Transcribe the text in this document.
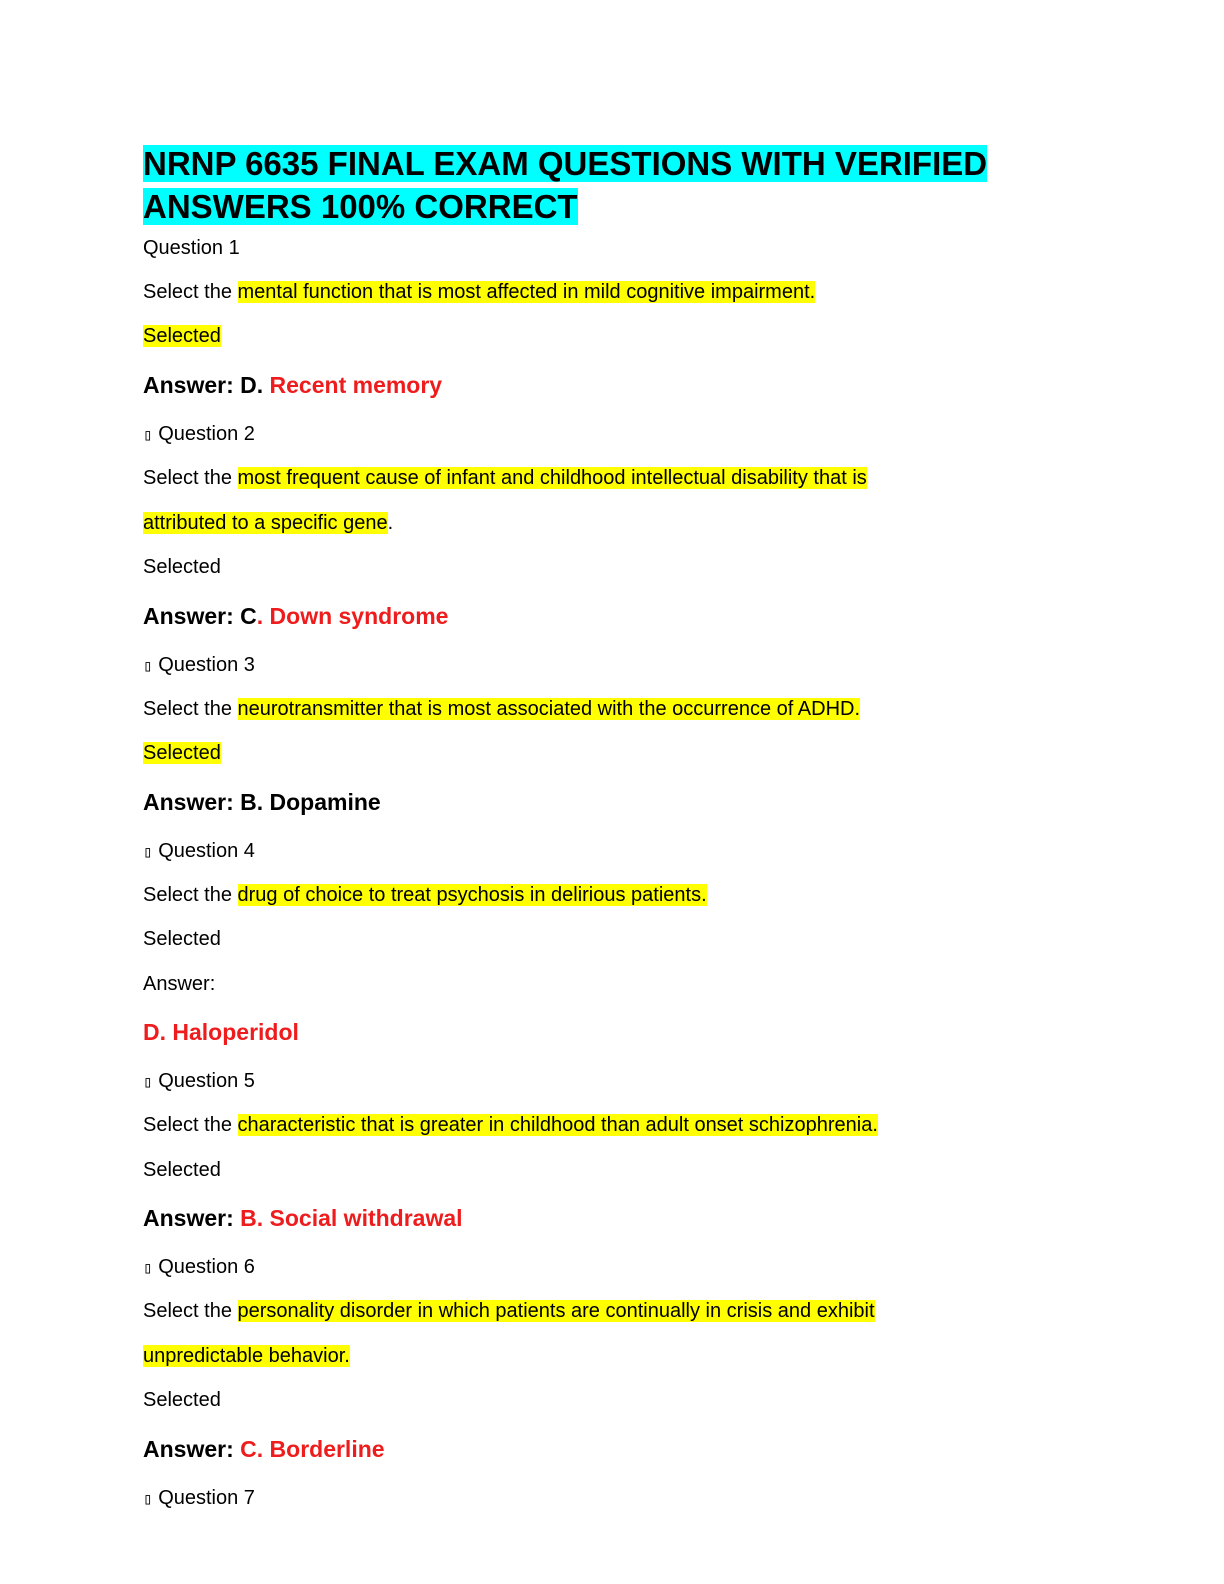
NRNP 6635 FINAL EXAM QUESTIONS WITH VERIFIED
ANSWERS 100% CORRECT
Question 1
Select the mental function that is most affected in mild cognitive impairment.
Selected
Answer: D. Recent memory
▯ Question 2
Select the most frequent cause of infant and childhood intellectual disability that is
attributed to a specific gene.
Selected
Answer: C. Down syndrome
▯ Question 3
Select the neurotransmitter that is most associated with the occurrence of ADHD.
Selected
Answer: B. Dopamine
▯ Question 4
Select the drug of choice to treat psychosis in delirious patients.
Selected
Answer:
D. Haloperidol
▯ Question 5
Select the characteristic that is greater in childhood than adult onset schizophrenia.
Selected
Answer: B. Social withdrawal
▯ Question 6
Select the personality disorder in which patients are continually in crisis and exhibit
unpredictable behavior.
Selected
Answer: C. Borderline
▯ Question 7
